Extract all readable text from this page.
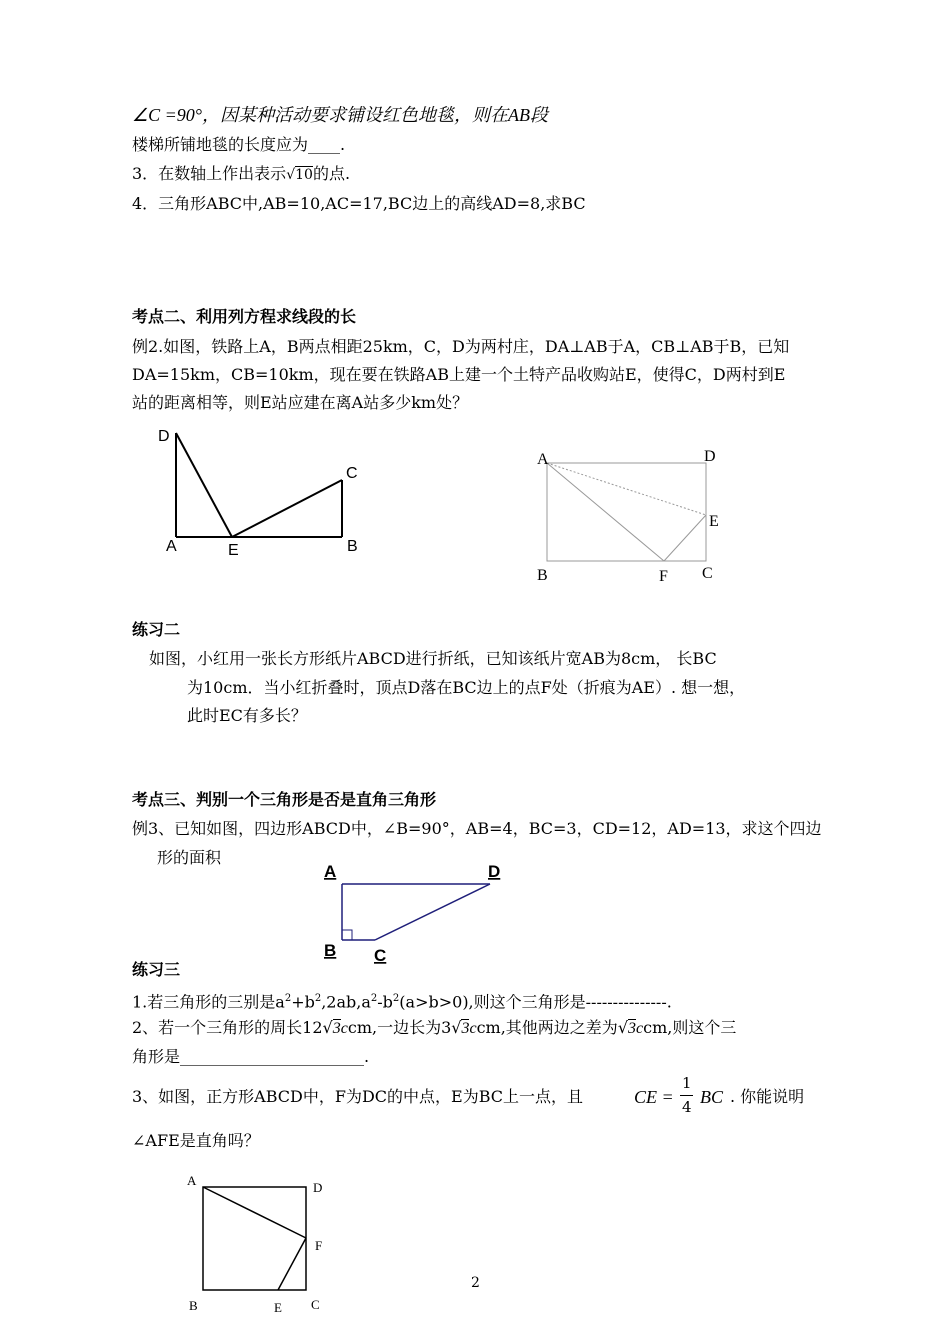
∠C =90°，因某种活动要求铺设红色地毯，则在AB段
楼梯所铺地毯的长度应为____.
3．在数轴上作出表示√10的点.
4．三角形ABC中,AB=10,AC=17,BC边上的高线AD=8,求BC
考点二、利用列方程求线段的长
例2.如图，铁路上A，B两点相距25km，C，D为两村庄，DA⊥AB于A，CB⊥AB于B，已知
DA=15km，CB=10km，现在要在铁路AB上建一个土特产品收购站E，使得C，D两村到E
站的距离相等，则E站应建在离A站多少km处？
D
C
A	E	B
A	D
E
B	F C
练习二
如图，小红用一张长方形纸片ABCD进行折纸，已知该纸片宽AB为8cm， 长BC
为10cm．当小红折叠时，顶点D落在BC边上的点F处（折痕为AE）. 想一想，
此时EC有多长？
考点三、判别一个三角形是否是直角三角形
例3、已知如图，四边形ABCD中，∠B=90°，AB=4，BC=3，CD=12，AD=13，求这个四边
形的面积
A	D
B C
练习三
1.若三角形的三别是$a^2+b^2,2ab,a^2-b^2(a>b>0)$,则这个三角形是---------------.
2、若一个三角形的周长12√3ccm,一边长为3√3ccm,其他两边之差为√3ccm,则这个三
角形是_______________________.
3、如图，正方形ABCD中，F为DC的中点，E为BC上一点，且	CE =
1
4 BC . 你能说明
∠AFE是直角吗？
A	D
F
B	E C
2
